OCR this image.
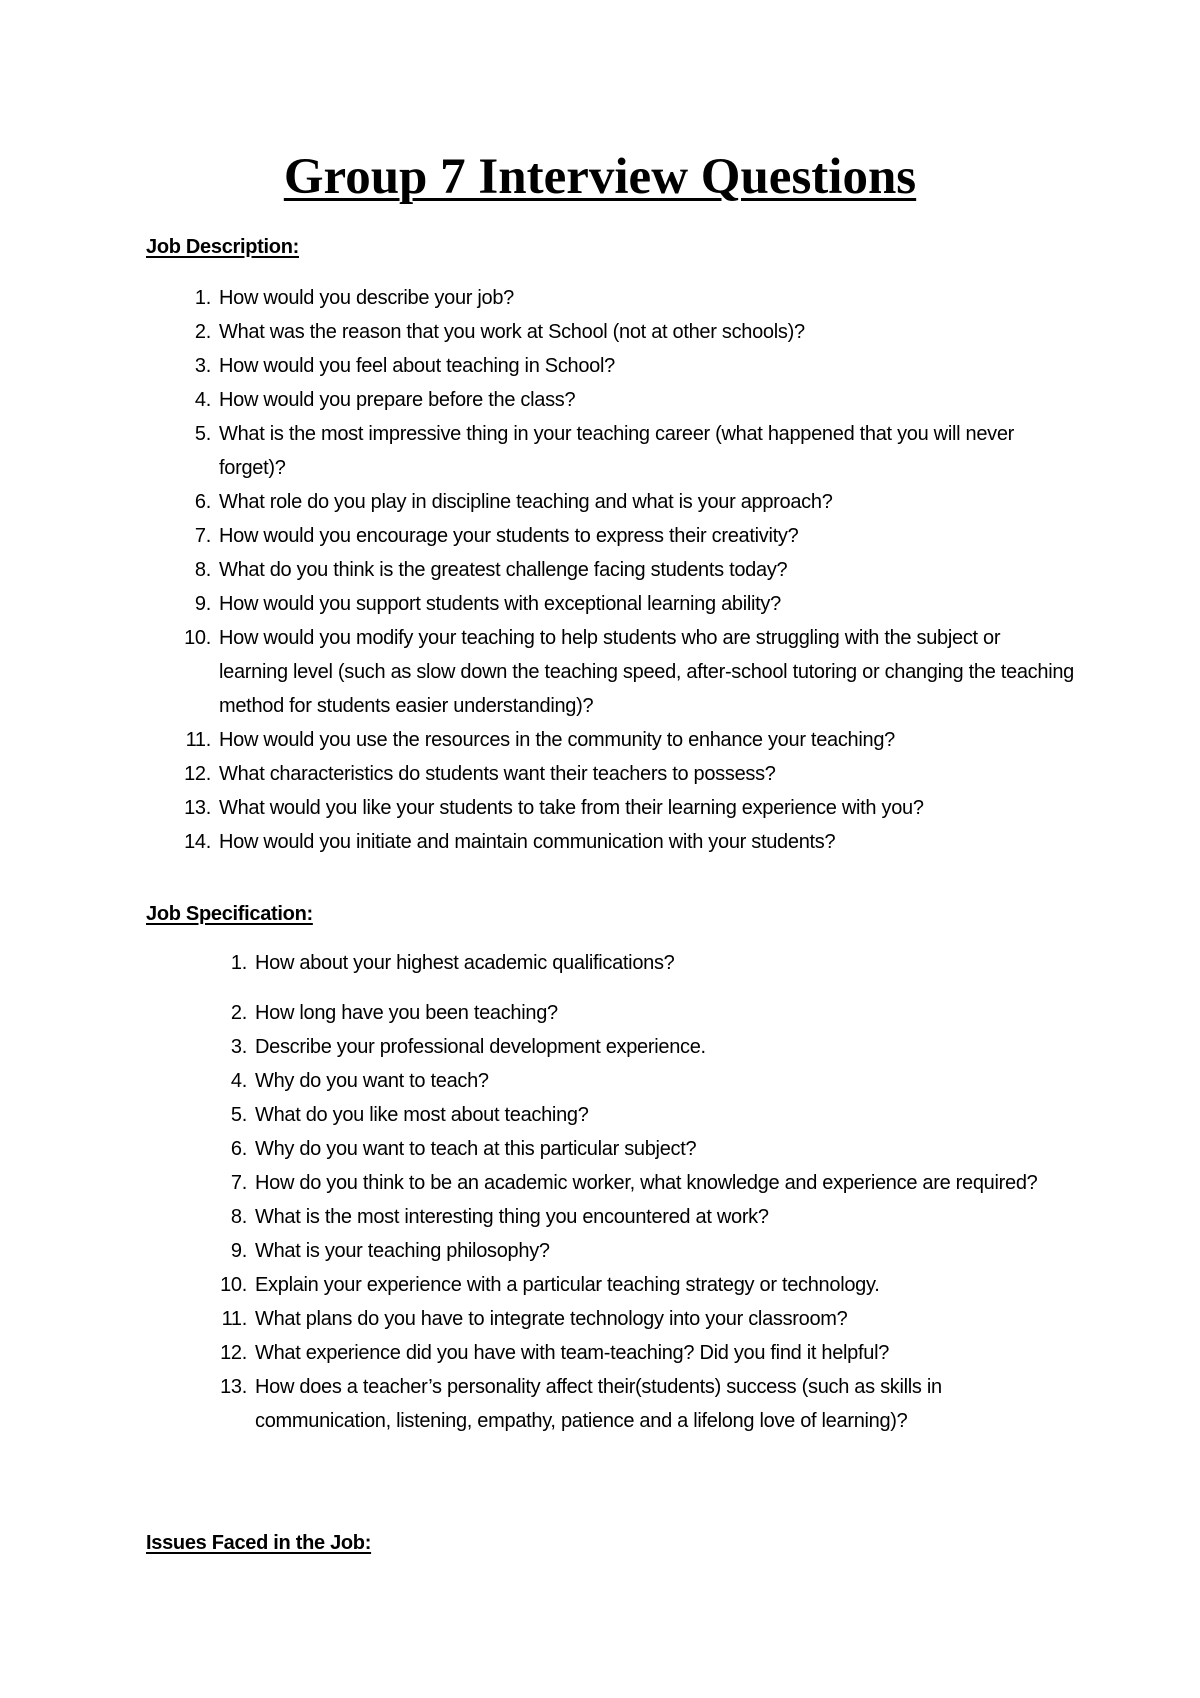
Group 7 Interview Questions
Job Description:
1. How would you describe your job?
2. What was the reason that you work at School (not at other schools)?
3. How would you feel about teaching in School?
4. How would you prepare before the class?
5. What is the most impressive thing in your teaching career (what happened that you will never forget)?
6. What role do you play in discipline teaching and what is your approach?
7. How would you encourage your students to express their creativity?
8. What do you think is the greatest challenge facing students today?
9. How would you support students with exceptional learning ability?
10. How would you modify your teaching to help students who are struggling with the subject or learning level (such as slow down the teaching speed, after-school tutoring or changing the teaching method for students easier understanding)?
11. How would you use the resources in the community to enhance your teaching?
12. What characteristics do students want their teachers to possess?
13. What would you like your students to take from their learning experience with you?
14. How would you initiate and maintain communication with your students?
Job Specification:
1. How about your highest academic qualifications?
2. How long have you been teaching?
3. Describe your professional development experience.
4. Why do you want to teach?
5. What do you like most about teaching?
6. Why do you want to teach at this particular subject?
7. How do you think to be an academic worker, what knowledge and experience are required?
8. What is the most interesting thing you encountered at work?
9. What is your teaching philosophy?
10. Explain your experience with a particular teaching strategy or technology.
11. What plans do you have to integrate technology into your classroom?
12. What experience did you have with team-teaching? Did you find it helpful?
13. How does a teacher’s personality affect their(students) success (such as skills in communication, listening, empathy, patience and a lifelong love of learning)?
Issues Faced in the Job:
